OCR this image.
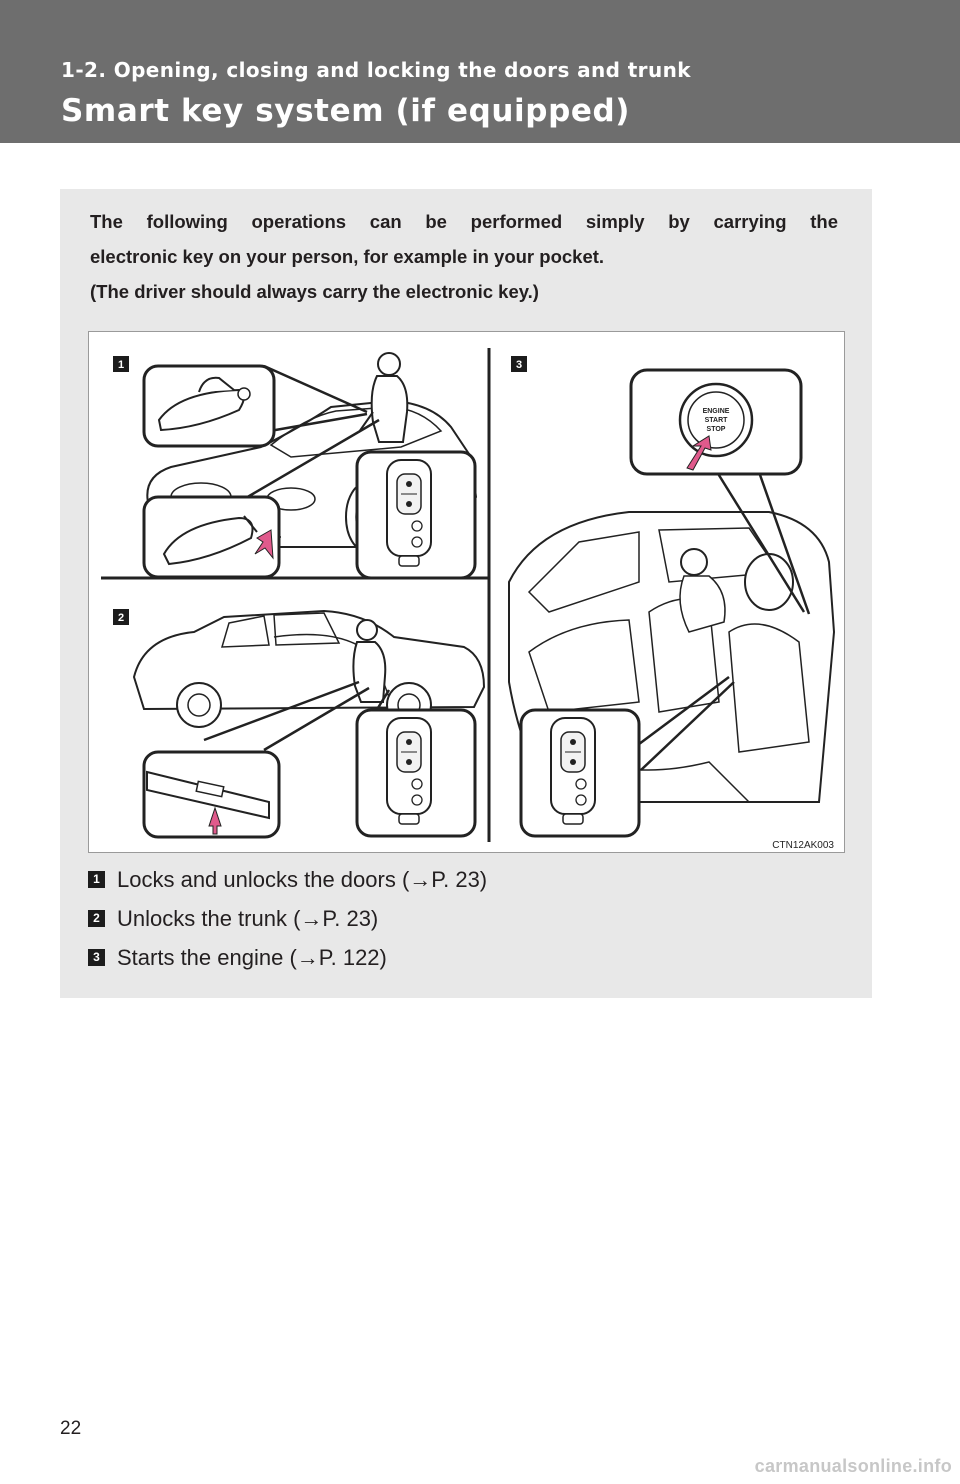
1-2. Opening, closing and locking the doors and trunk
Smart key system (if equipped)

The following operations can be performed simply by carrying the

electronic key on your person, for example in your pocket.

(The driver should always carry the electronic key.)

1
2
3
ENGINE
START
STOP
CTN12AK003
1 Locks and unlocks the doors (→P. 23)
2 Unlocks the trunk (→P. 23)
3 Starts the engine (→P. 122)
22
carmanualsonline.info
